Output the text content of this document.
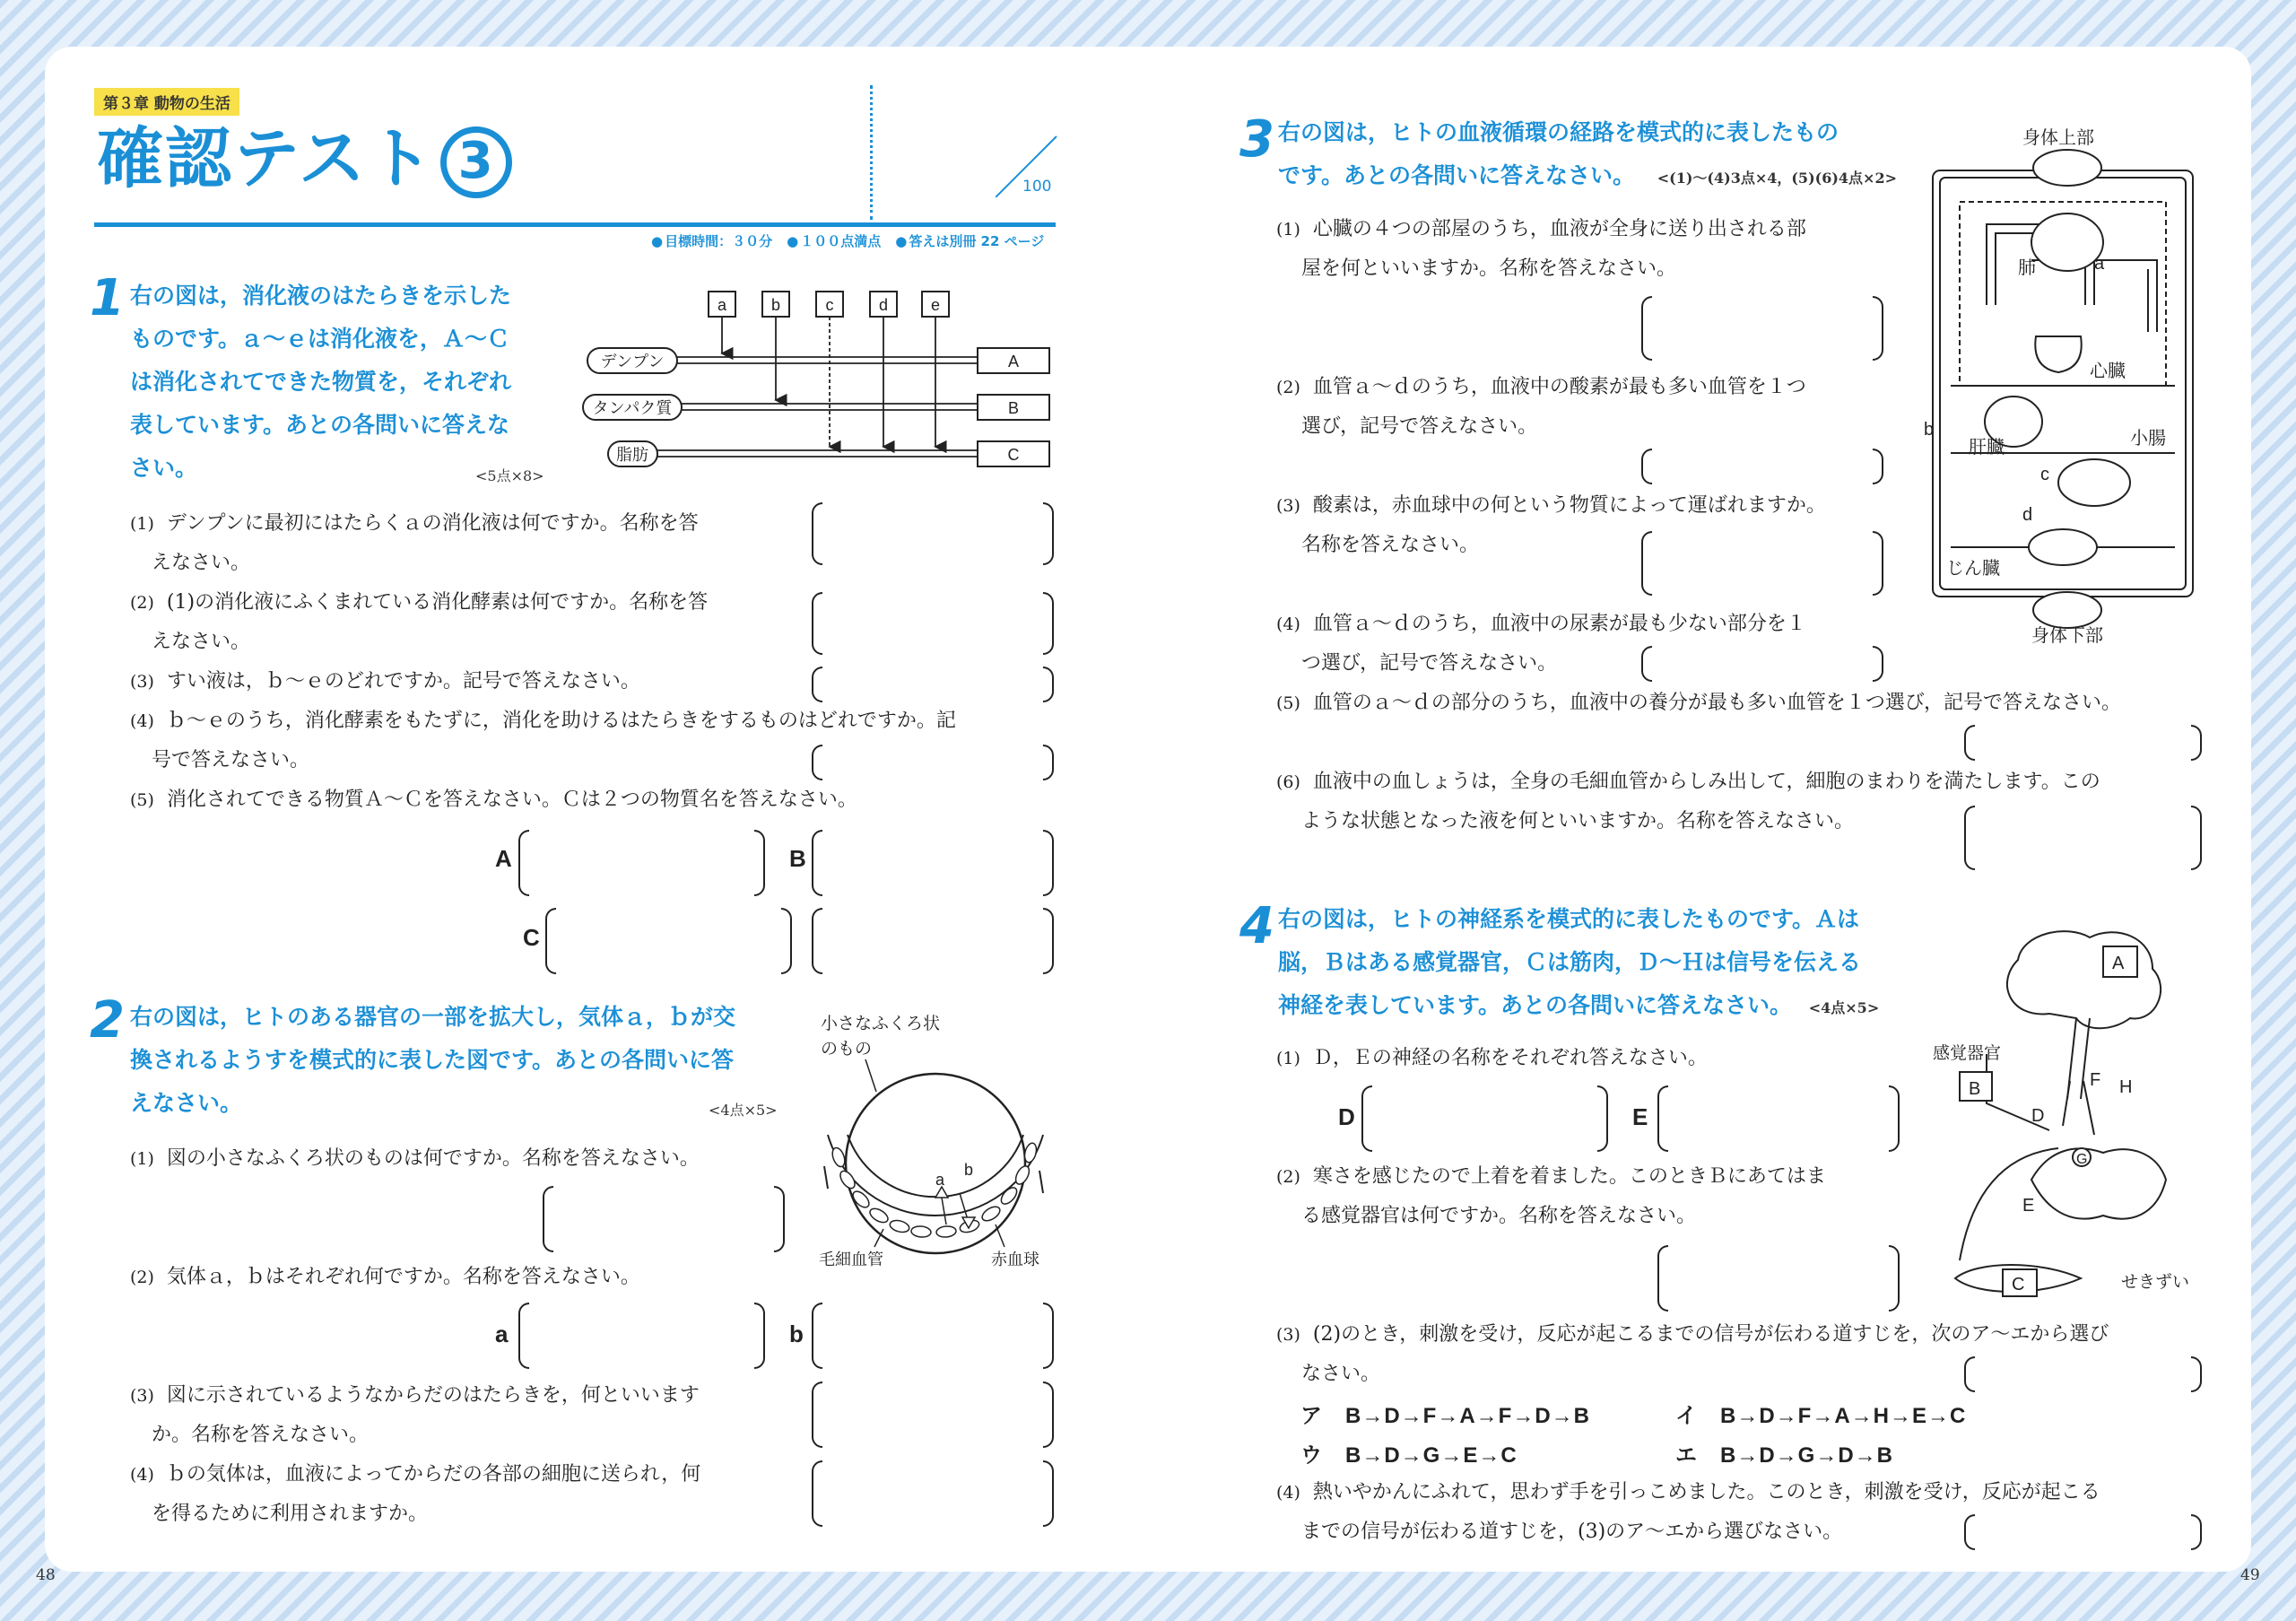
第３章 動物の生活
確認テスト 3	100
● 目標時間：３０分 ● １００点満点 ● 答えは別冊 22 ページ
1 右の図は，消化液のはたらきを示した
ものです。ａ～ｅは消化液を，Ａ～Ｃ
は消化されてできた物質を，それぞれ
表しています。あとの各問いに答えな
さい。	<5点×8>
a	b	c	d	e
デンプン
タンパク質
脂肪
A
B
C
(1) デンプンに最初にはたらくａの消化液は何ですか。名称を答
えなさい。
(2) (1)の消化液にふくまれている消化酵素は何ですか。名称を答
えなさい。
(3) すい液は，ｂ～ｅのどれですか。記号で答えなさい。
(4) ｂ～ｅのうち，消化酵素をもたずに，消化を助けるはたらきをするものはどれですか。記
号で答えなさい。
(5) 消化されてできる物質Ａ～Ｃを答えなさい。Ｃは２つの物質名を答えなさい。
A	B
C
2 右の図は，ヒトのある器官の一部を拡大し，気体ａ，ｂが交
換されるようすを模式的に表した図です。あとの各問いに答
えなさい。	<4点×5>
小さなふくろ状
のもの
a
b
毛細血管	赤血球
(1) 図の小さなふくろ状のものは何ですか。名称を答えなさい。
(2) 気体ａ，ｂはそれぞれ何ですか。名称を答えなさい。
(3) 図に示されているようなからだのはたらきを，何といいます
か。名称を答えなさい。
(4) ｂの気体は，血液によってからだの各部の細胞に送られ，何
を得るために利用されますか。
a	b
3 右の図は，ヒトの血液循環の経路を模式的に表したもの
です。あとの各問いに答えなさい。 <(1)～(4)3点×4，(5)(6)4点×2>
身体上部
肺	a
心臓
b
肝臓	小腸
c
d
じん臓
身体下部
(1) 心臓の４つの部屋のうち，血液が全身に送り出される部
屋を何といいますか。名称を答えなさい。
(2) 血管ａ～ｄのうち，血液中の酸素が最も多い血管を１つ
選び，記号で答えなさい。
(3) 酸素は，赤血球中の何という物質によって運ばれますか。
名称を答えなさい。
(4) 血管ａ～ｄのうち，血液中の尿素が最も少ない部分を１
つ選び，記号で答えなさい。
(5) 血管のａ～ｄの部分のうち，血液中の養分が最も多い血管を１つ選び，記号で答えなさい。
(6) 血液中の血しょうは，全身の毛細血管からしみ出して，細胞のまわりを満たします。この
ような状態となった液を何といいますか。名称を答えなさい。
4 右の図は，ヒトの神経系を模式的に表したものです。Ａは
脳，Ｂはある感覚器官，Ｃは筋肉，Ｄ～Ｈは信号を伝える
神経を表しています。あとの各問いに答えなさい。 <4点×5>
A
B
C
D
E
F
G
H
感覚器官
せきずい
(1) Ｄ，Ｅの神経の名称をそれぞれ答えなさい。
(2) 寒さを感じたので上着を着ました。このときＢにあてはま
る感覚器官は何ですか。名称を答えなさい。
(3) (2)のとき，刺激を受け，反応が起こるまでの信号が伝わる道すじを，次のア～エから選び
なさい。
(4) 熱いやかんにふれて，思わず手を引っこめました。このとき，刺激を受け，反応が起こる
までの信号が伝わる道すじを，(3)のア～エから選びなさい。
D	E
ア　 B→D→F→A→F→D→B	イ　 B→D→F→A→H→E→C
ウ　 B→D→G→E→C	エ　 B→D→G→D→B
48	49
